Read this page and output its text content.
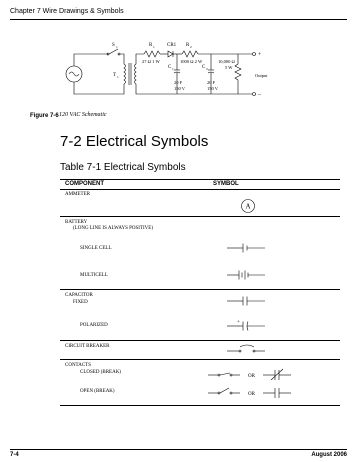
Chapter 7 Wire Drawings & Symbols
S 1
T 1
R 1
27 Ω 1 W
CR1 R 2
1000 Ω 2 W
C 1
20 F
150 V
C 2
20 F
150 V
10,000 Ω
5 W
+
–
Output
Figure 7-6 120 VAC Schematic
7-2 Electrical Symbols
Table 7-1 Electrical Symbols
COMPONENT	SYMBOL
AMMETER
A
BATTERY
(LONG LINE IS ALWAYS POSITIVE)
SINGLE CELL
MULTICELL
CAPACITOR
FIXED
POLARIZED
+
CIRCUIT BREAKER
CONTACTS
CLOSED (BREAK)
OR
OPEN (BREAK)
OR
7-4	August 2006
